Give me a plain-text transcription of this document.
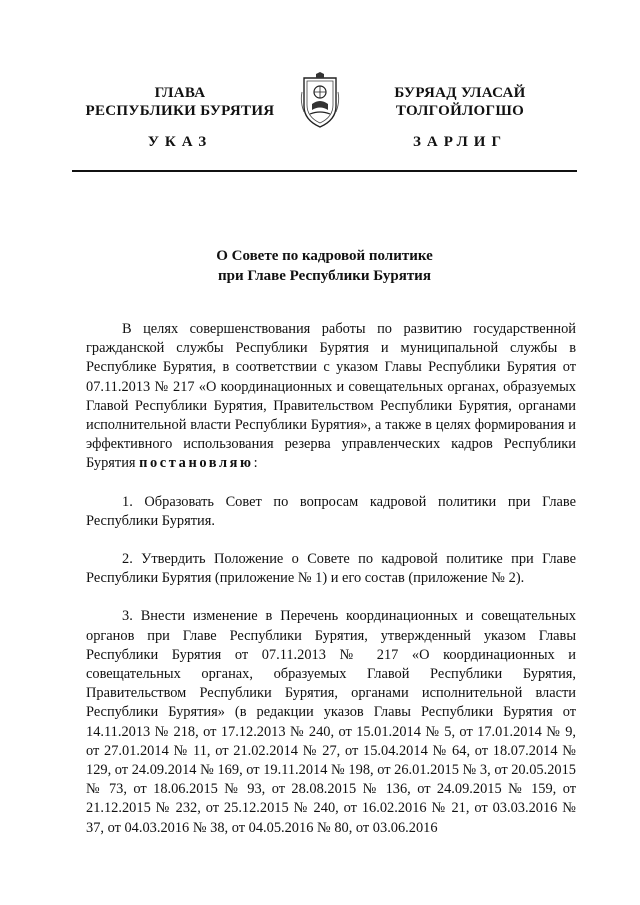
ГЛАВА
РЕСПУБЛИКИ БУРЯТИЯ
БУРЯАД УЛАСАЙ
ТОЛГОЙЛОГШО
УКАЗ	ЗАРЛИГ
О Совете по кадровой политике
при Главе Республики Бурятия

В целях совершенствования работы по развитию государственной гражданской службы Республики Бурятия и муниципальной службы в Республике Бурятия, в соответствии с указом Главы Республики Бурятия от 07.11.2013 № 217 «О координационных и совещательных органах, образуемых Главой Республики Бурятия, Правительством Республики Бурятия, органами исполнительной власти Республики Бурятия», а также в целях формирования и эффективного использования резерва управленческих кадров Республики Бурятия постановляю:

1. Образовать Совет по вопросам кадровой политики при Главе Республики Бурятия.

2. Утвердить Положение о Совете по кадровой политике при Главе Республики Бурятия (приложение № 1) и его состав (приложение № 2).

3. Внести изменение в Перечень координационных и совещательных органов при Главе Республики Бурятия, утвержденный указом Главы Республики Бурятия от 07.11.2013 № 217 «О координационных и совещательных органах, образуемых Главой Республики Бурятия, Правительством Республики Бурятия, органами исполнительной власти Республики Бурятия» (в редакции указов Главы Республики Бурятия от 14.11.2013 № 218, от 17.12.2013 № 240, от 15.01.2014 № 5, от 17.01.2014 № 9, от 27.01.2014 № 11, от 21.02.2014 № 27, от 15.04.2014 № 64, от 18.07.2014 № 129, от 24.09.2014 № 169, от 19.11.2014 № 198, от 26.01.2015 № 3, от 20.05.2015 № 73, от 18.06.2015 № 93, от 28.08.2015 № 136, от 24.09.2015 № 159, от 21.12.2015 № 232, от 25.12.2015 № 240, от 16.02.2016 № 21, от 03.03.2016 № 37, от 04.03.2016 № 38, от 04.05.2016 № 80, от 03.06.2016
